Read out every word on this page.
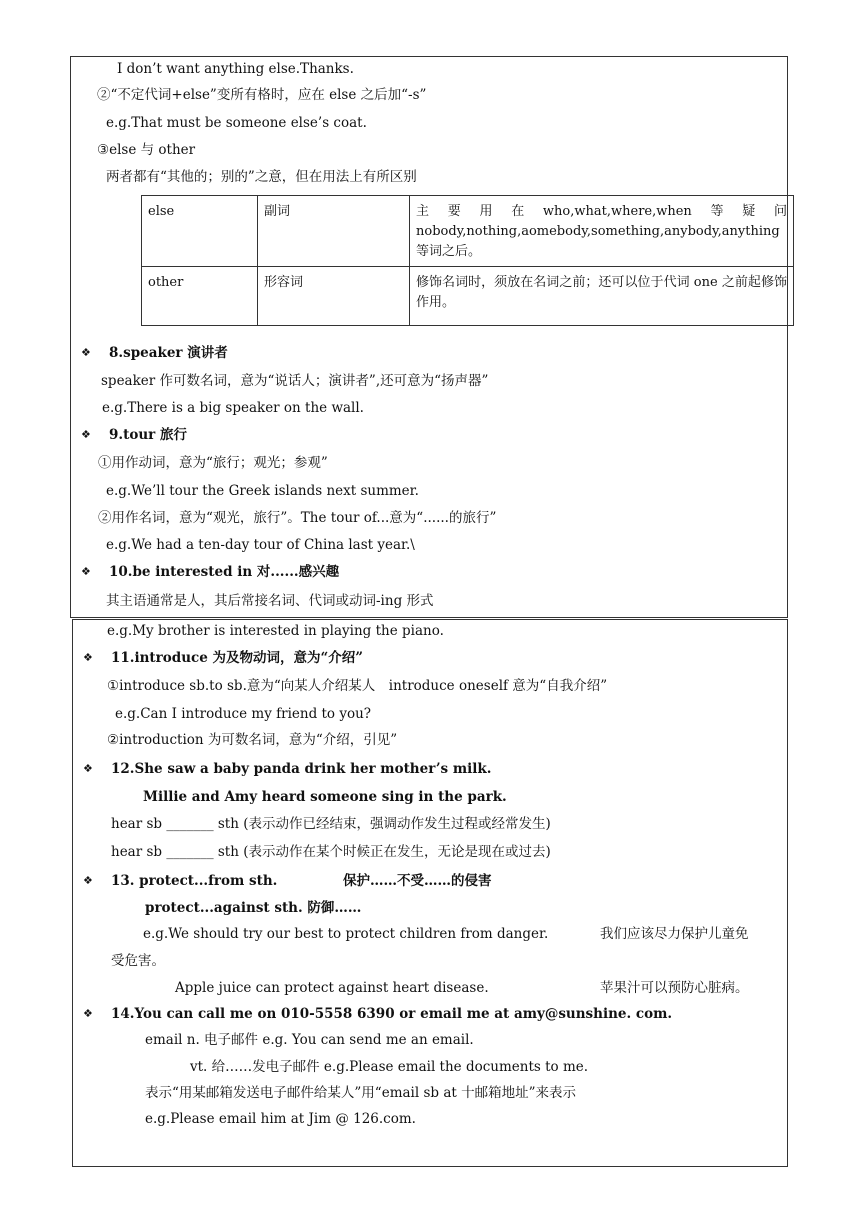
I don’t want anything else.Thanks.
②“不定代词+else”变所有格时，应在 else 之后加“-s”
e.g.That must be someone else’s coat.
③else 与 other
两者都有“其他的；别的”之意，但在用法上有所区别
else	副词	主　要　用　在　who,what,where,when　等　疑　问　nobody,nothing,aomebody,something,anybody,anything 等词之后。
other	形容词	修饰名词时，须放在名词之前；还可以位于代词 one 之前起修饰作用。
❖ 8.speaker 演讲者
speaker 作可数名词，意为“说话人；演讲者”,还可意为“扬声器”
e.g.There is a big speaker on the wall.
❖ 9.tour 旅行
①用作动词，意为“旅行；观光；参观”
e.g.We’ll tour the Greek islands next summer.
②用作名词，意为“观光，旅行”。The tour of...意为“......的旅行”
e.g.We had a ten-day tour of China last year.\
❖ 10.be interested in 对......感兴趣
其主语通常是人，其后常接名词、代词或动词-ing 形式
e.g.My brother is interested in playing the piano.
❖ 11.introduce 为及物动词，意为“介绍”
①introduce sb.to sb.意为“向某人介绍某人　introduce oneself 意为“自我介绍”
e.g.Can I introduce my friend to you?
②introduction 为可数名词，意为“介绍，引见”
❖ 12.She saw a baby panda drink her mother’s milk.
Millie and Amy heard someone sing in the park.
hear sb _______ sth (表示动作已经结束，强调动作发生过程或经常发生)
hear sb _______ sth (表示动作在某个时候正在发生，无论是现在或过去)
❖ 13. protect...from sth.	保护……不受……的侵害
protect...against sth. 防御……
e.g.We should try our best to protect children from danger.	我们应该尽力保护儿童免
受危害。
Apple juice can protect against heart disease.	苹果汁可以预防心脏病。
❖ 14.You can call me on 010-5558 6390 or email me at amy@sunshine. com.
email n. 电子邮件 e.g. You can send me an email.
vt. 给……发电子邮件 e.g.Please email the documents to me.
表示“用某邮箱发送电子邮件给某人”用“email sb at 十邮箱地址”来表示
e.g.Please email him at Jim @ 126.com.
